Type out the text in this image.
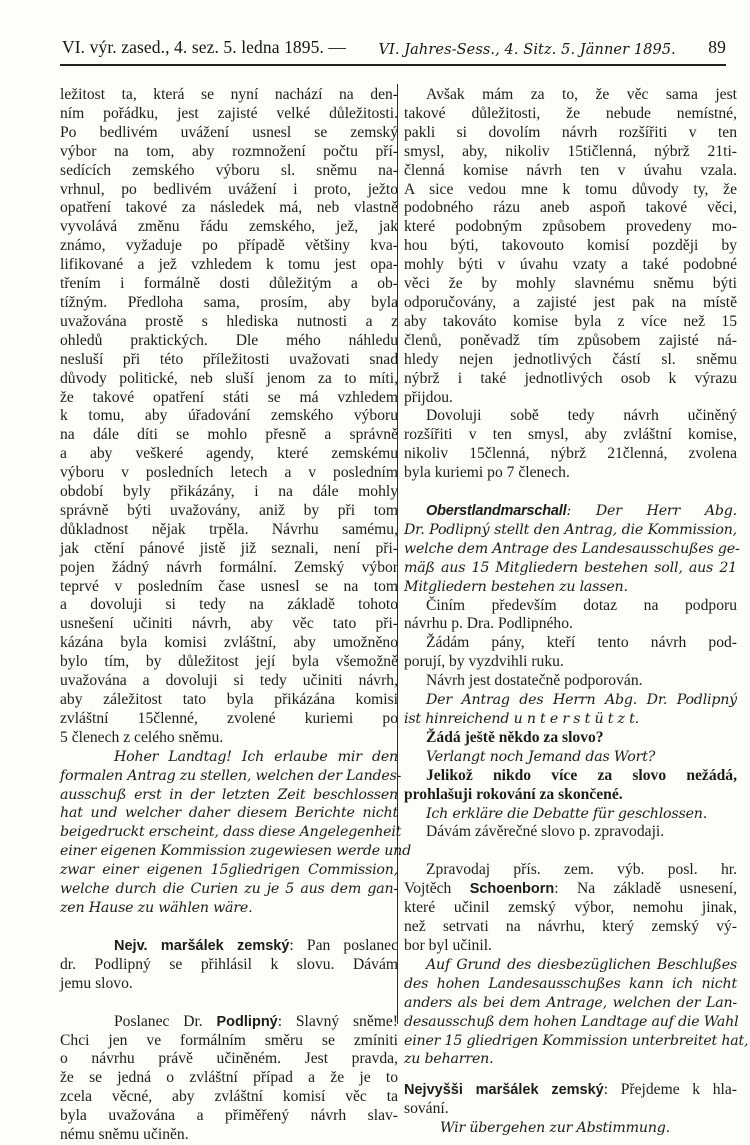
VI. výr. zased., 4. sez. 5. ledna 1895. — VI. Jahres-Sess., 4. Sitz. 5. Jänner 1895. 89
ležitost ta, která se nyní nachází na den-
ním pořádku, jest zajisté velké důležitosti.
Po bedlivém uvážení usnesl se zemský
výbor na tom, aby rozmnožení počtu pří-
sedících zemského výboru sl. sněmu na-
vrhnul, po bedlivém uvážení i proto, ježto
opatření takové za následek má, neb vlastně
vyvolává změnu řádu zemského, jež, jak
známo, vyžaduje po případě většiny kva-
lifikované a jež vzhledem k tomu jest opa-
třením i formálně dosti důležitým a ob-
tížným. Předloha sama, prosím, aby byla
uvažována prostě s hlediska nutnosti a z
ohledů praktických. Dle mého náhledu
nesluší při této příležitosti uvažovati snad
důvody politické, neb sluší jenom za to míti,
že takové opatření státi se má vzhledem
k tomu, aby úřadování zemského výboru
na dále díti se mohlo přesně a správně
a aby veškeré agendy, které zemskému
výboru v posledních letech a v posledním
období byly přikázány, i na dále mohly
správně býti uvažovány, aniž by při tom
důkladnost nějak trpěla. Návrhu samému,
jak ctění pánové jistě již seznali, není při-
pojen žádný návrh formální. Zemský výbor
teprvé v posledním čase usnesl se na tom
a dovoluji si tedy na základě tohoto
usnešení učiniti návrh, aby věc tato při-
kázána byla komisi zvláštní, aby umožněno
bylo tím, by důležitost její byla všemožně
uvažována a dovoluji si tedy učiniti návrh,
aby záležitost tato byla přikázána komisi
zvláštní 15členné, zvolené kuriemi po
5 členech z celého sněmu.
Hoher Landtag! Ich erlaube mir den
formalen Antrag zu stellen, welchen der Landes-
ausschuß erst in der letzten Zeit beschlossen
hat und welcher daher diesem Berichte nicht
beigedruckt erscheint, dass diese Angelegenheit
einer eigenen Kommission zugewiesen werde und
zwar einer eigenen 15gliedrigen Commission,
welche durch die Curien zu je 5 aus dem gan-
zen Hause zu wählen wäre.
Nejv. maršálek zemský: Pan poslanec
dr. Podlipný se přihlásil k slovu. Dávám
jemu slovo.
Poslanec Dr. Podlipný: Slavný sněme!
Chci jen ve formálním směru se zmíniti
o návrhu právě učiněném. Jest pravda,
že se jedná o zvláštní případ a že je to
zcela věcné, aby zvláštní komisí věc ta
byla uvažována a přiměřený návrh slav-
nému sněmu učiněn.
Avšak mám za to, že věc sama jest
takové důležitosti, že nebude nemístné,
pakli si dovolím návrh rozšířiti v ten
smysl, aby, nikoliv 15tičlenná, nýbrž 21ti-
členná komise návrh ten v úvahu vzala.
A sice vedou mne k tomu důvody ty, že
podobného rázu aneb aspoň takové věci,
které podobným způsobem provedeny mo-
hou býti, takovouto komisí později by
mohly býti v úvahu vzaty a také podobné
věci že by mohly slavnému sněmu býti
odporučovány, a zajisté jest pak na místě
aby takováto komise byla z více než 15
členů, poněvadž tím způsobem zajisté ná-
hledy nejen jednotlivých částí sl. sněmu
nýbrž i také jednotlivých osob k výrazu
přijdou.
Dovoluji sobě tedy návrh učiněný
rozšířiti v ten smysl, aby zvláštní komise,
nikoliv 15členná, nýbrž 21členná, zvolena
byla kuriemi po 7 členech.
Oberstlandmarschall: Der Herr Abg.
Dr. Podlipný stellt den Antrag, die Kommission,
welche dem Antrage des Landesausschußes ge-
mäß aus 15 Mitgliedern bestehen soll, aus 21
Mitgliedern bestehen zu lassen.
Činím především dotaz na podporu
návrhu p. Dra. Podlipného.
Žádám pány, kteří tento návrh pod-
porují, by vyzdvihli ruku.
Návrh jest dostatečně podporován.
Der Antrag des Herrn Abg. Dr. Podlipný
ist hinreichend u n t e r s t ü t z t.
Žádá ještě někdo za slovo?
Verlangt noch Jemand das Wort?
Jelikož nikdo více za slovo nežádá,
prohlašuji rokování za skončené.
Ich erkläre die Debatte für geschlossen.
Dávám závěrečné slovo p. zpravodaji.
Zpravodaj přís. zem. výb. posl. hr.
Vojtěch Schoenborn: Na základě usnesení,
které učinil zemský výbor, nemohu jinak,
než setrvati na návrhu, který zemský vý-
bor byl učinil.
Auf Grund des diesbezüglichen Beschlußes
des hohen Landesausschußes kann ich nicht
anders als bei dem Antrage, welchen der Lan-
desausschuß dem hohen Landtage auf die Wahl
einer 15 gliedrigen Kommission unterbreitet hat,
zu beharren.
Nejvyšši maršálek zemský: Přejdeme k hla-
sování.
Wir übergehen zur Abstimmung.
